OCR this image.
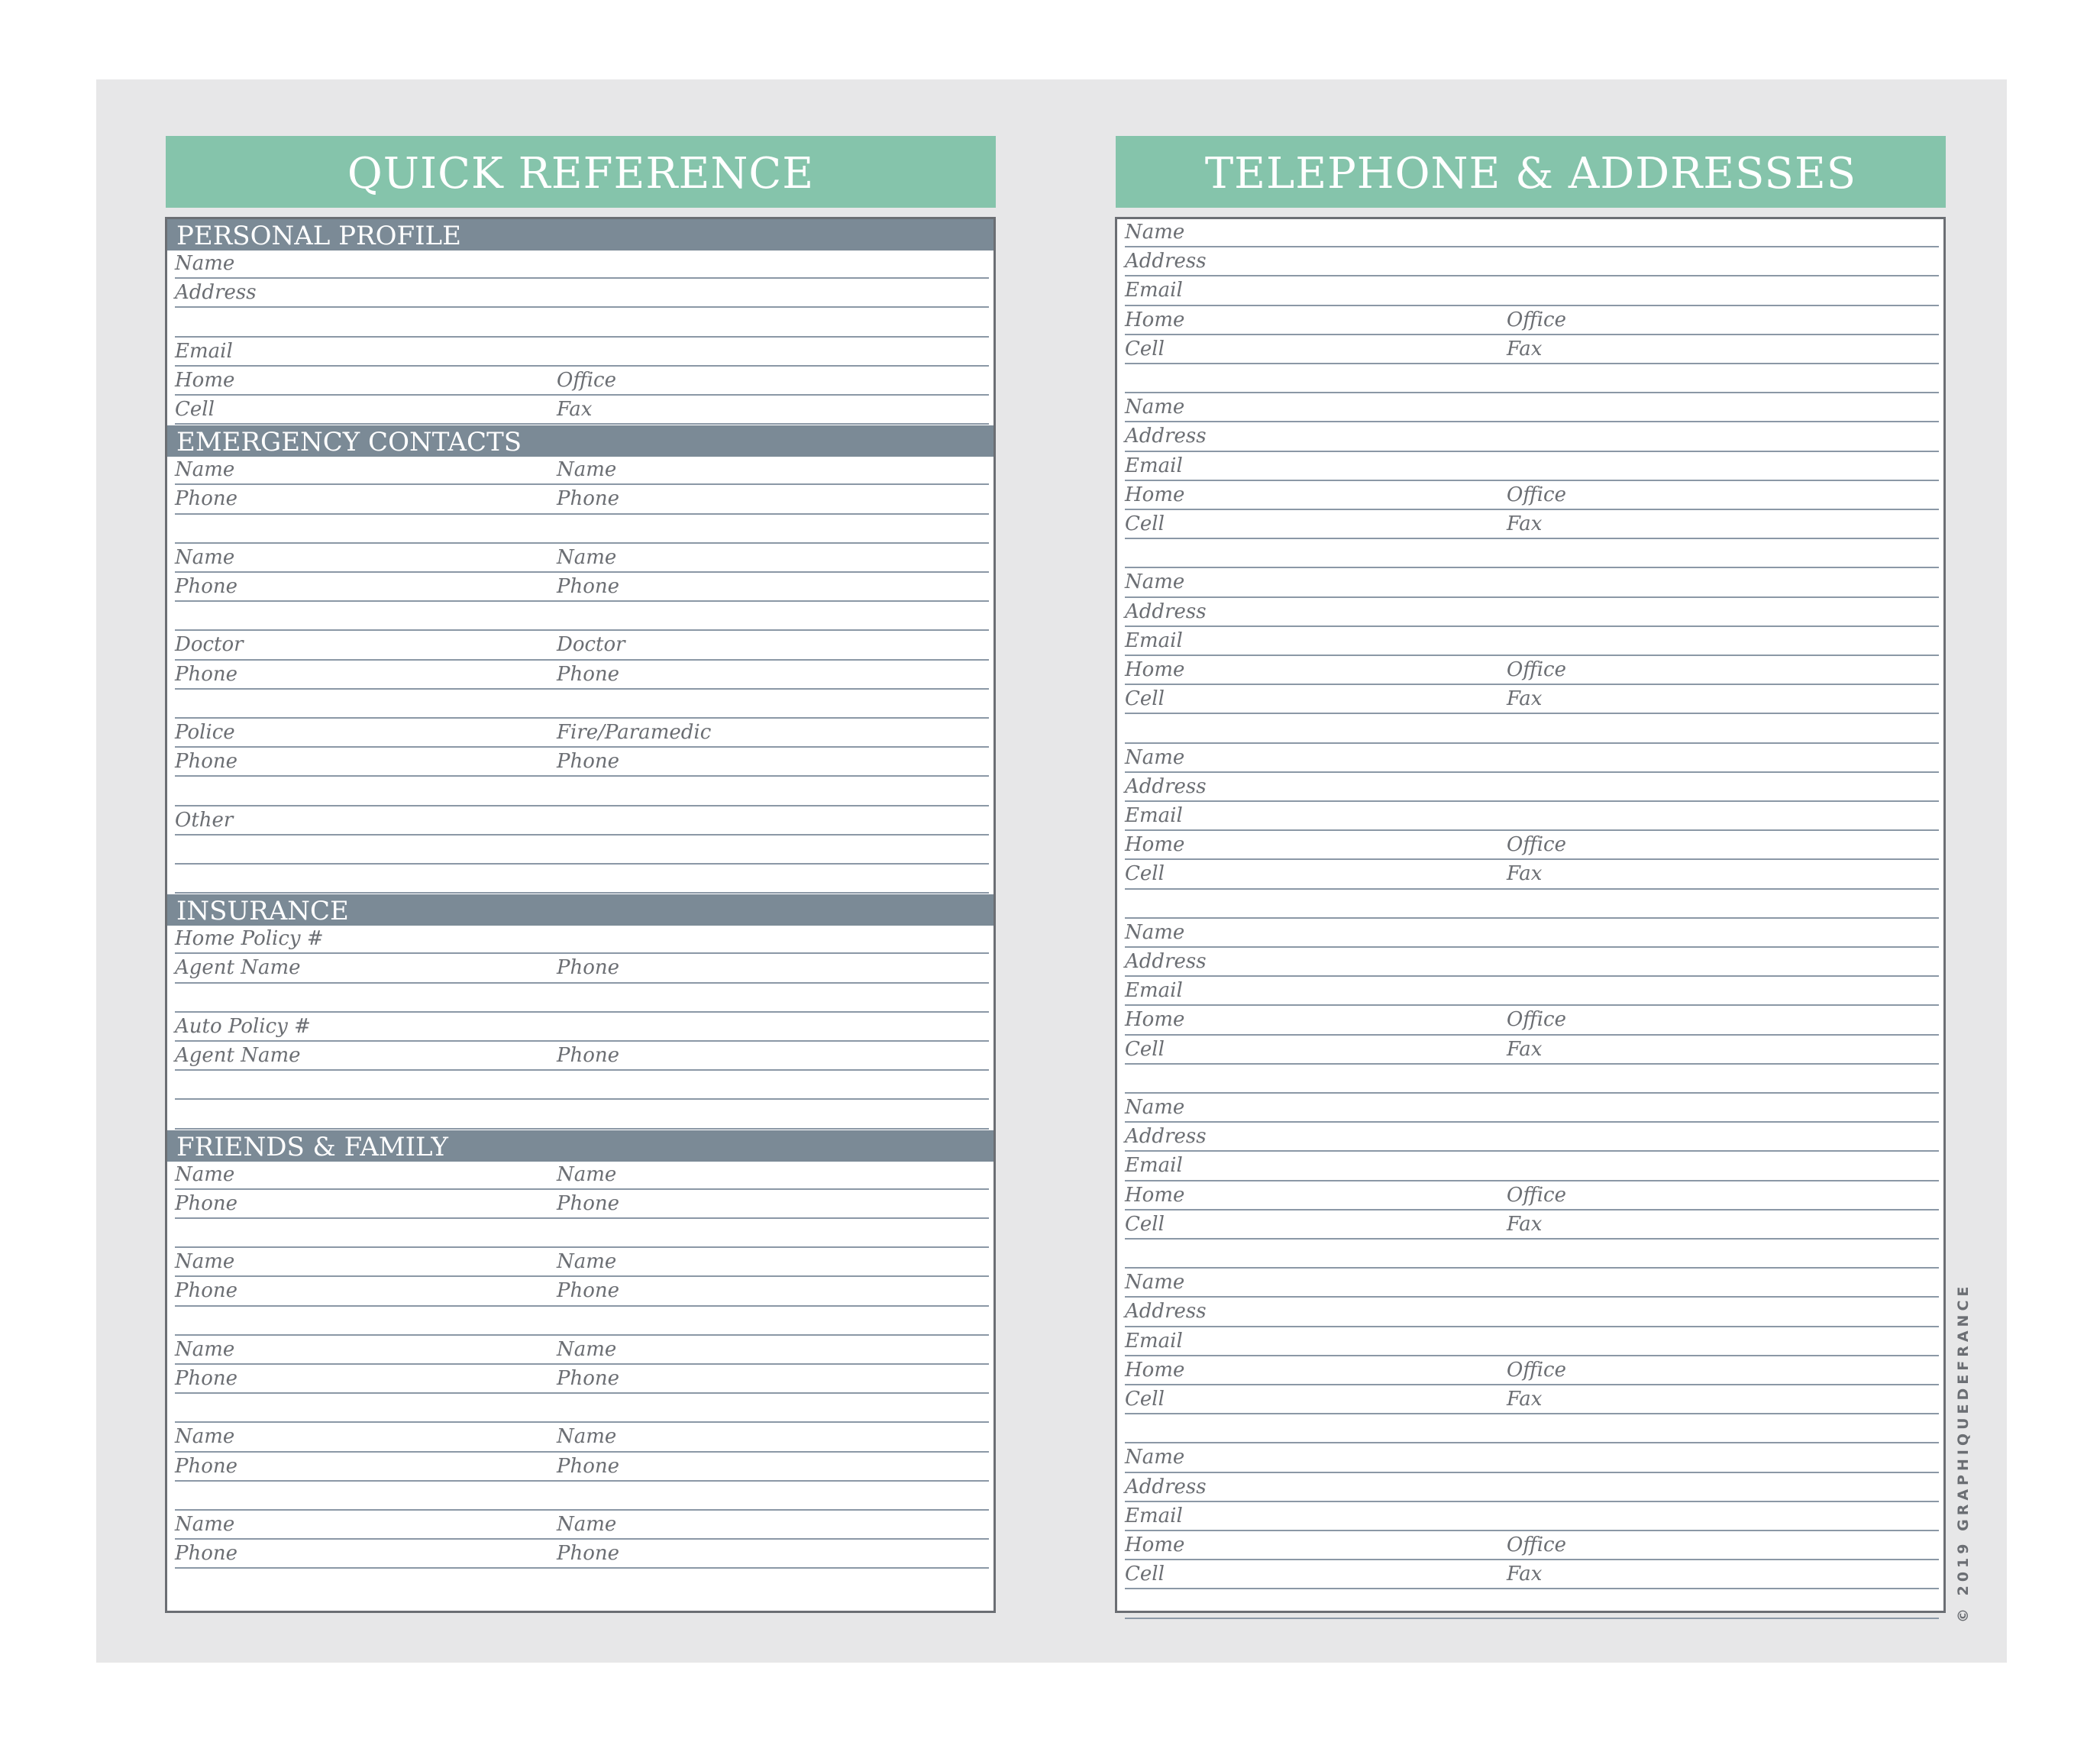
QUICK REFERENCE
PERSONAL PROFILE
Name
Address
Email
Home	Office
Cell	Fax
EMERGENCY CONTACTS
Name	Name
Phone	Phone
Name	Name
Phone	Phone
Doctor	Doctor
Phone	Phone
Police	Fire/Paramedic
Phone	Phone
Other
INSURANCE
Home Policy #
Agent Name	Phone
Auto Policy #
Agent Name	Phone
FRIENDS & FAMILY
Name	Name
Phone	Phone
Name	Name
Phone	Phone
Name	Name
Phone	Phone
Name	Name
Phone	Phone
Name	Name
Phone	Phone
TELEPHONE & ADDRESSES
Name
Address
Email
Home	Office
Cell	Fax
Name
Address
Email
Home	Office
Cell	Fax
Name
Address
Email
Home	Office
Cell	Fax
Name
Address
Email
Home	Office
Cell	Fax
Name
Address
Email
Home	Office
Cell	Fax
Name
Address
Email
Home	Office
Cell	Fax
Name
Address
Email
Home	Office
Cell	Fax
Name
Address
Email
Home	Office
Cell	Fax	© 2019 GRAPHIQUEDEFRANCE
